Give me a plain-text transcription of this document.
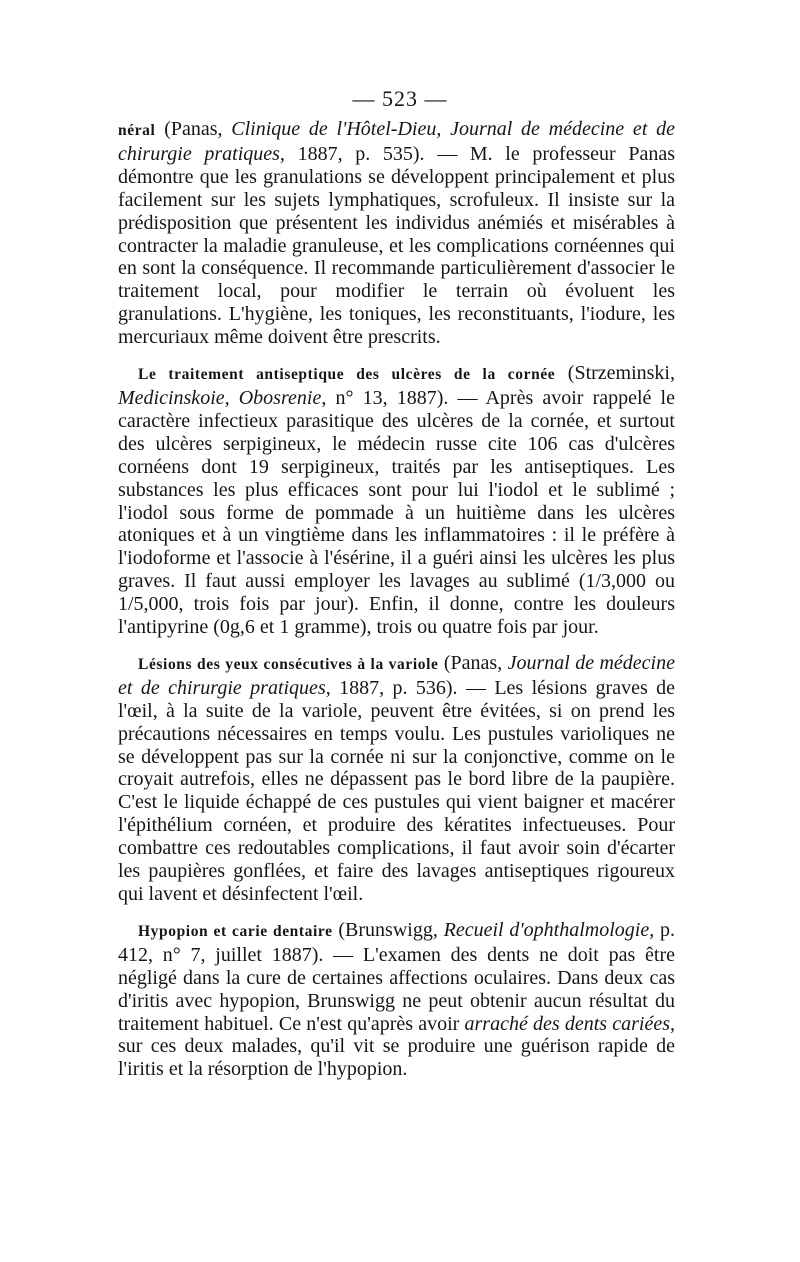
— 523 —

néral (Panas, Clinique de l'Hôtel-Dieu, Journal de médecine et de chirurgie pratiques, 1887, p. 535). — M. le professeur Panas démontre que les granulations se développent principalement et plus facilement sur les sujets lymphatiques, scrofuleux. Il insiste sur la prédisposition que présentent les individus anémiés et misérables à contracter la maladie granuleuse, et les complications cornéennes qui en sont la conséquence. Il recommande particulièrement d'associer le traitement local, pour modifier le terrain où évoluent les granulations. L'hygiène, les toniques, les reconstituants, l'iodure, les mercuriaux même doivent être prescrits.

Le traitement antiseptique des ulcères de la cornée (Strzeminski, Medicinskoie, Obosrenie, n° 13, 1887). — Après avoir rappelé le caractère infectieux parasitique des ulcères de la cornée, et surtout des ulcères serpigineux, le médecin russe cite 106 cas d'ulcères cornéens dont 19 serpigineux, traités par les antiseptiques. Les substances les plus efficaces sont pour lui l'iodol et le sublimé ; l'iodol sous forme de pommade à un huitième dans les ulcères atoniques et à un vingtième dans les inflammatoires : il le préfère à l'iodoforme et l'associe à l'ésérine, il a guéri ainsi les ulcères les plus graves. Il faut aussi employer les lavages au sublimé (1/3,000 ou 1/5,000, trois fois par jour). Enfin, il donne, contre les douleurs l'antipyrine (0g,6 et 1 gramme), trois ou quatre fois par jour.

Lésions des yeux consécutives à la variole (Panas, Journal de médecine et de chirurgie pratiques, 1887, p. 536). — Les lésions graves de l'œil, à la suite de la variole, peuvent être évitées, si on prend les précautions nécessaires en temps voulu. Les pustules varioliques ne se développent pas sur la cornée ni sur la conjonctive, comme on le croyait autrefois, elles ne dépassent pas le bord libre de la paupière. C'est le liquide échappé de ces pustules qui vient baigner et macérer l'épithélium cornéen, et produire des kératites infectueuses. Pour combattre ces redoutables complications, il faut avoir soin d'écarter les paupières gonflées, et faire des lavages antiseptiques rigoureux qui lavent et désinfectent l'œil.

Hypopion et carie dentaire (Brunswigg, Recueil d'ophthalmologie, p. 412, n° 7, juillet 1887). — L'examen des dents ne doit pas être négligé dans la cure de certaines affections oculaires. Dans deux cas d'iritis avec hypopion, Brunswigg ne peut obtenir aucun résultat du traitement habituel. Ce n'est qu'après avoir arraché des dents cariées, sur ces deux malades, qu'il vit se produire une guérison rapide de l'iritis et la résorption de l'hypopion.
